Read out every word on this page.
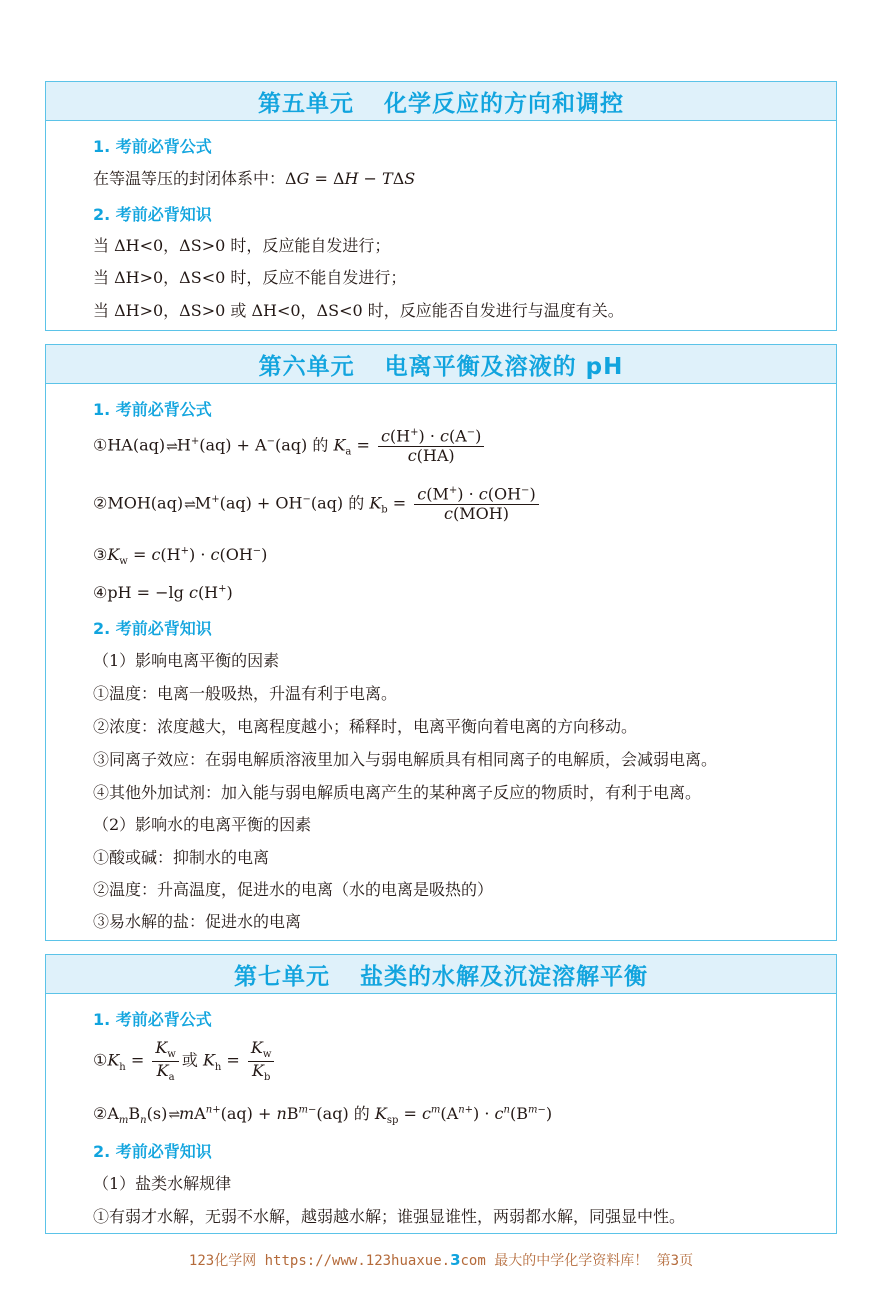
第五单元 化学反应的方向和调控
1. 考前必背公式
在等温等压的封闭体系中：ΔG = ΔH − TΔS
2. 考前必背知识
当 ΔH<0，ΔS>0 时，反应能自发进行；
当 ΔH>0，ΔS<0 时，反应不能自发进行；
当 ΔH>0，ΔS>0 或 ΔH<0，ΔS<0 时，反应能否自发进行与温度有关。
第六单元 电离平衡及溶液的 pH
1. 考前必背公式
①HA(aq)⇌H+(aq) + A−(aq) 的 $K_a = \frac{c(H^+) \cdot c(A^-)}{c(HA)}$
②MOH(aq)⇌M+(aq) + OH−(aq) 的 $K_b = \frac{c(M^+) \cdot c(OH^-)}{\text{c(MOH)}}$
$③K_w = c(H^+) \cdot c(OH^-)$
④pH = −lg c(H+)
2. 考前必背知识
（1）影响电离平衡的因素
①温度：电离一般吸热，升温有利于电离。
②浓度：浓度越大，电离程度越小；稀释时，电离平衡向着电离的方向移动。
③同离子效应：在弱电解质溶液里加入与弱电解质具有相同离子的电解质，会减弱电离。
④其他外加试剂：加入能与弱电解质电离产生的某种离子反应的物质时，有利于电离。
（2）影响水的电离平衡的因素
①酸或碱：抑制水的电离
②温度：升高温度，促进水的电离（水的电离是吸热的）
③易水解的盐：促进水的电离
第七单元 盐类的水解及沉淀溶解平衡
1. 考前必背公式
$①K_h = \frac{K_w}{K_a}$ 或 $K_h = \frac{K_w}{K_b}$
$②A_mB_n(s)\rightleftharpoons mA^{n+}(aq) + nB^{m-}(aq)$ 的 $K_{sp} = c^m(A^{n+}) \cdot c^n(B^{m-})$
2. 考前必背知识
（1）盐类水解规律
①有弱才水解，无弱不水解，越弱越水解；谁强显谁性，两弱都水解，同强显中性。
123化学网 https://www.123huaxue.3com 最大的中学化学资料库！ 第3页
